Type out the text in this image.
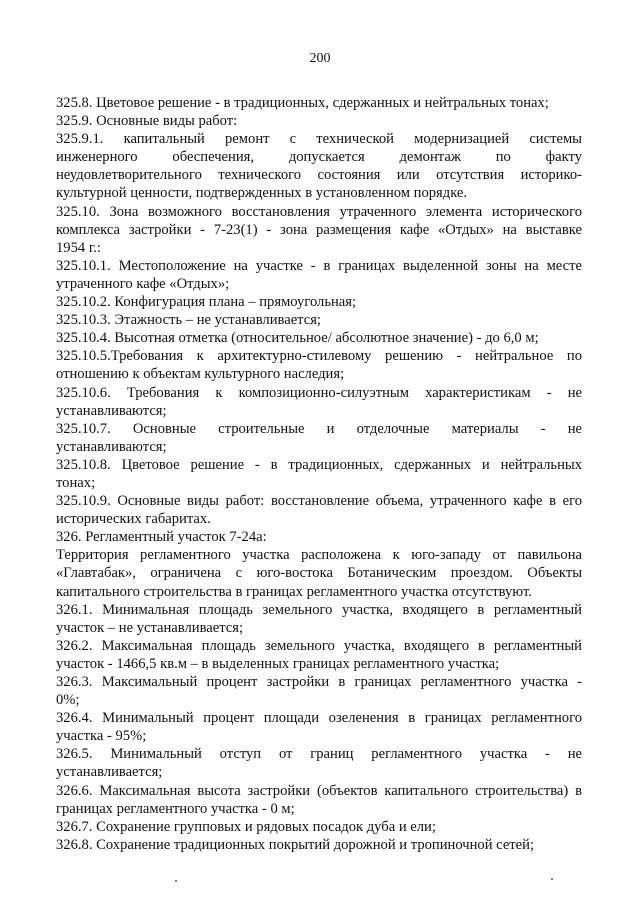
200
325.8. Цветовое решение - в традиционных, сдержанных и нейтральных тонах;
325.9. Основные виды работ:
325.9.1. капитальный ремонт с технической модернизацией системы
инженерного обеспечения, допускается демонтаж по факту
неудовлетворительного технического состояния или отсутствия историко-
культурной ценности, подтвержденных в установленном порядке.
325.10. Зона возможного восстановления утраченного элемента исторического
комплекса застройки - 7-23(1) - зона размещения кафе «Отдых» на выставке
1954 г.:
325.10.1. Местоположение на участке - в границах выделенной зоны на месте
утраченного кафе «Отдых»;
325.10.2. Конфигурация плана – прямоугольная;
325.10.3. Этажность – не устанавливается;
325.10.4. Высотная отметка (относительное/ абсолютное значение) - до 6,0 м;
325.10.5.Требования к архитектурно-стилевому решению - нейтральное по
отношению к объектам культурного наследия;
325.10.6. Требования к композиционно-силуэтным характеристикам - не
устанавливаются;
325.10.7. Основные строительные и отделочные материалы - не
устанавливаются;
325.10.8. Цветовое решение - в традиционных, сдержанных и нейтральных
тонах;
325.10.9. Основные виды работ: восстановление объема, утраченного кафе в его
исторических габаритах.
326. Регламентный участок 7-24а:
Территория регламентного участка расположена к юго-западу от павильона
«Главтабак», ограничена с юго-востока Ботаническим проездом. Объекты
капитального строительства в границах регламентного участка отсутствуют.
326.1. Минимальная площадь земельного участка, входящего в регламентный
участок – не устанавливается;
326.2. Максимальная площадь земельного участка, входящего в регламентный
участок - 1466,5 кв.м – в выделенных границах регламентного участка;
326.3. Максимальный процент застройки в границах регламентного участка -
0%;
326.4. Минимальный процент площади озеленения в границах регламентного
участка - 95%;
326.5. Минимальный отступ от границ регламентного участка - не
устанавливается;
326.6. Максимальная высота застройки (объектов капитального строительства) в
границах регламентного участка - 0 м;
326.7. Сохранение групповых и рядовых посадок дуба и ели;
326.8. Сохранение традиционных покрытий дорожной и тропиночной сетей;
